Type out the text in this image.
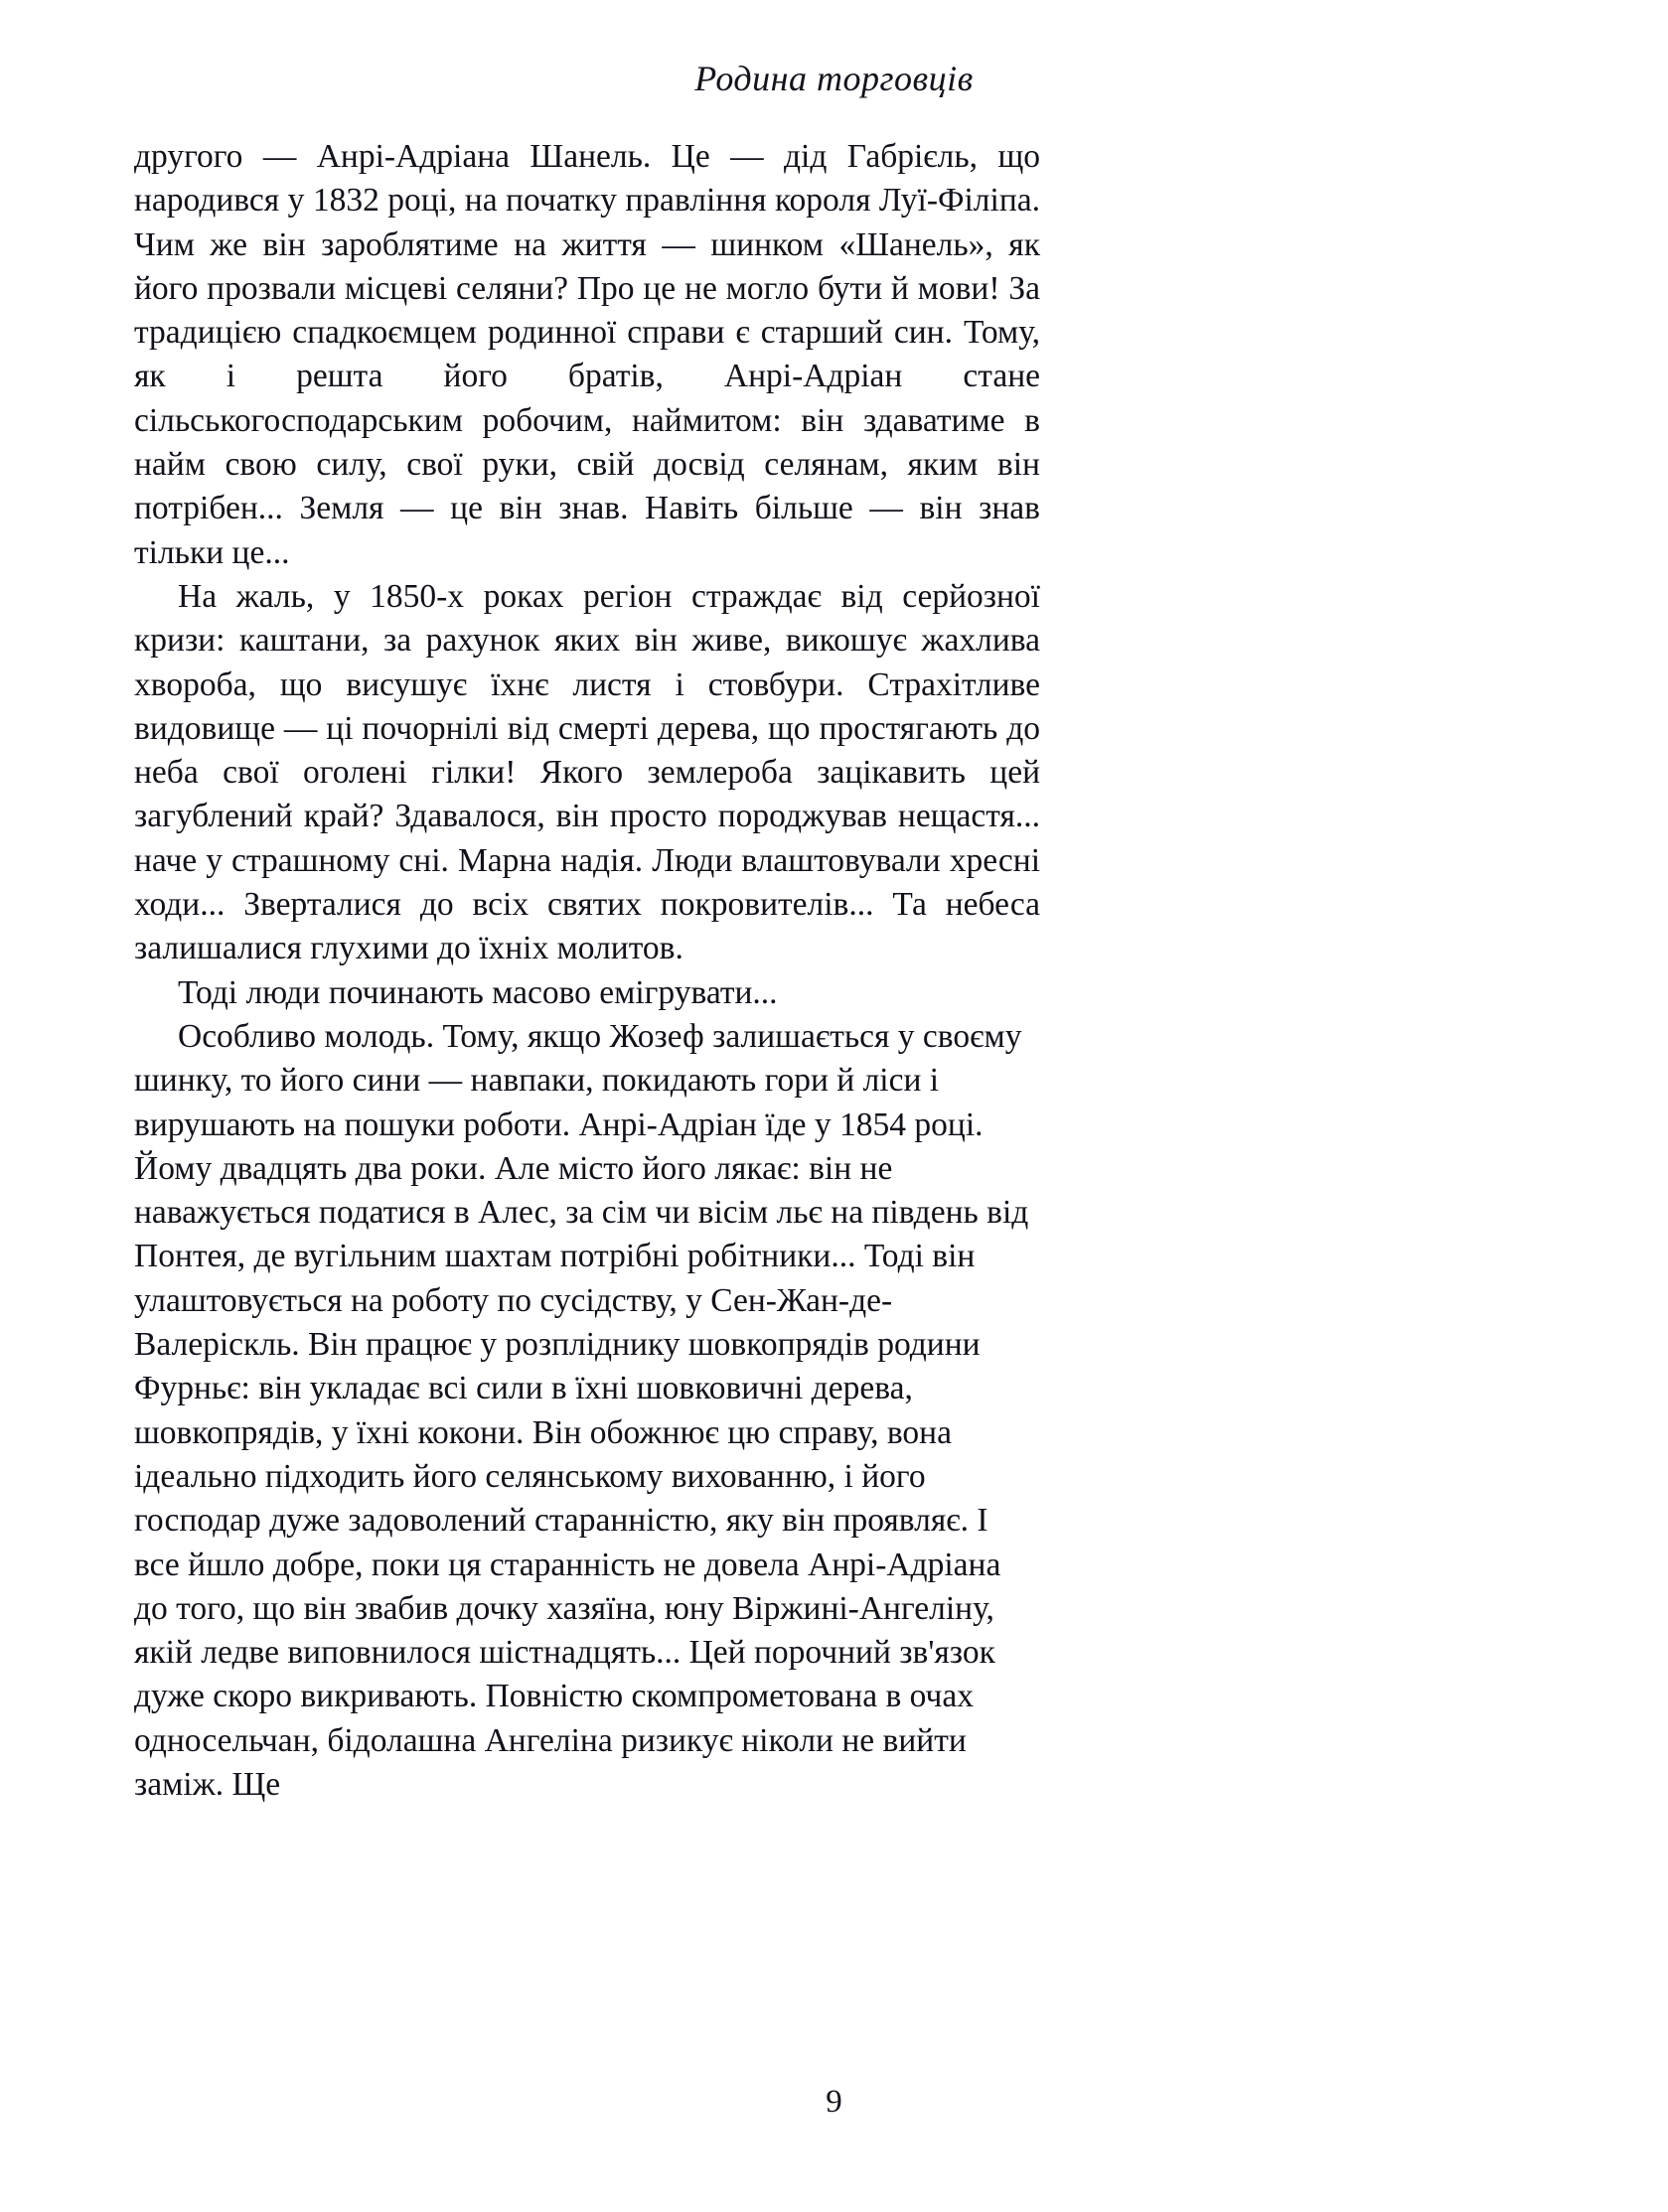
Родина торговців

другого — Анрі-Адріана Шанель. Це — дід Габрієль, що народився у 1832 році, на початку правління короля Луї-Філіпа. Чим же він зароблятиме на життя — шинком «Шанель», як його прозвали місцеві селяни? Про це не могло бути й мови! За традицією спадкоємцем родинної справи є старший син. Тому, як і решта його братів, Анрі-Адріан стане сільськогосподарським робочим, наймитом: він здаватиме в найм свою силу, свої руки, свій досвід селянам, яким він потрібен... Земля — це він знав. Навіть більше — він знав тільки це...

На жаль, у 1850-х роках регіон страждає від серйозної кризи: каштани, за рахунок яких він живе, викошує жахлива хвороба, що висушує їхнє листя і стовбури. Страхітливе видовище — ці почорнілі від смерті дерева, що простягають до неба свої оголені гілки! Якого землероба зацікавить цей загублений край? Здавалося, він просто породжував нещастя... наче у страшному сні. Марна надія. Люди влаштовували хресні ходи... Зверталися до всіх святих покровителів... Та небеса залишалися глухими до їхніх молитов.

Тоді люди починають масово емігрувати...

Особливо молодь. Тому, якщо Жозеф залишається у своєму шинку, то його сини — навпаки, покидають гори й ліси і вирушають на пошуки роботи. Анрі-Адріан їде у 1854 році. Йому двадцять два роки. Але місто його лякає: він не наважується податися в Алес, за сім чи вісім льє на південь від Понтея, де вугільним шахтам потрібні робітники... Тоді він улаштовується на роботу по сусідству, у Сен-Жан-де-Валеріскль. Він працює у розпліднику шовкопрядів родини Фурньє: він укладає всі сили в їхні шовковичні дерева, шовкопрядів, у їхні кокони. Він обожнює цю справу, вона ідеально підходить його селянському вихованню, і його господар дуже задоволений старанністю, яку він проявляє. І все йшло добре, поки ця старанність не довела Анрі-Адріана до того, що він звабив дочку хазяїна, юну Віржині-Ангеліну, якій ледве виповнилося шістнадцять... Цей порочний зв'язок дуже скоро викривають. Повністю скомпрометована в очах односельчан, бідолашна Ангеліна ризикує ніколи не вийти заміж. Ще

9
